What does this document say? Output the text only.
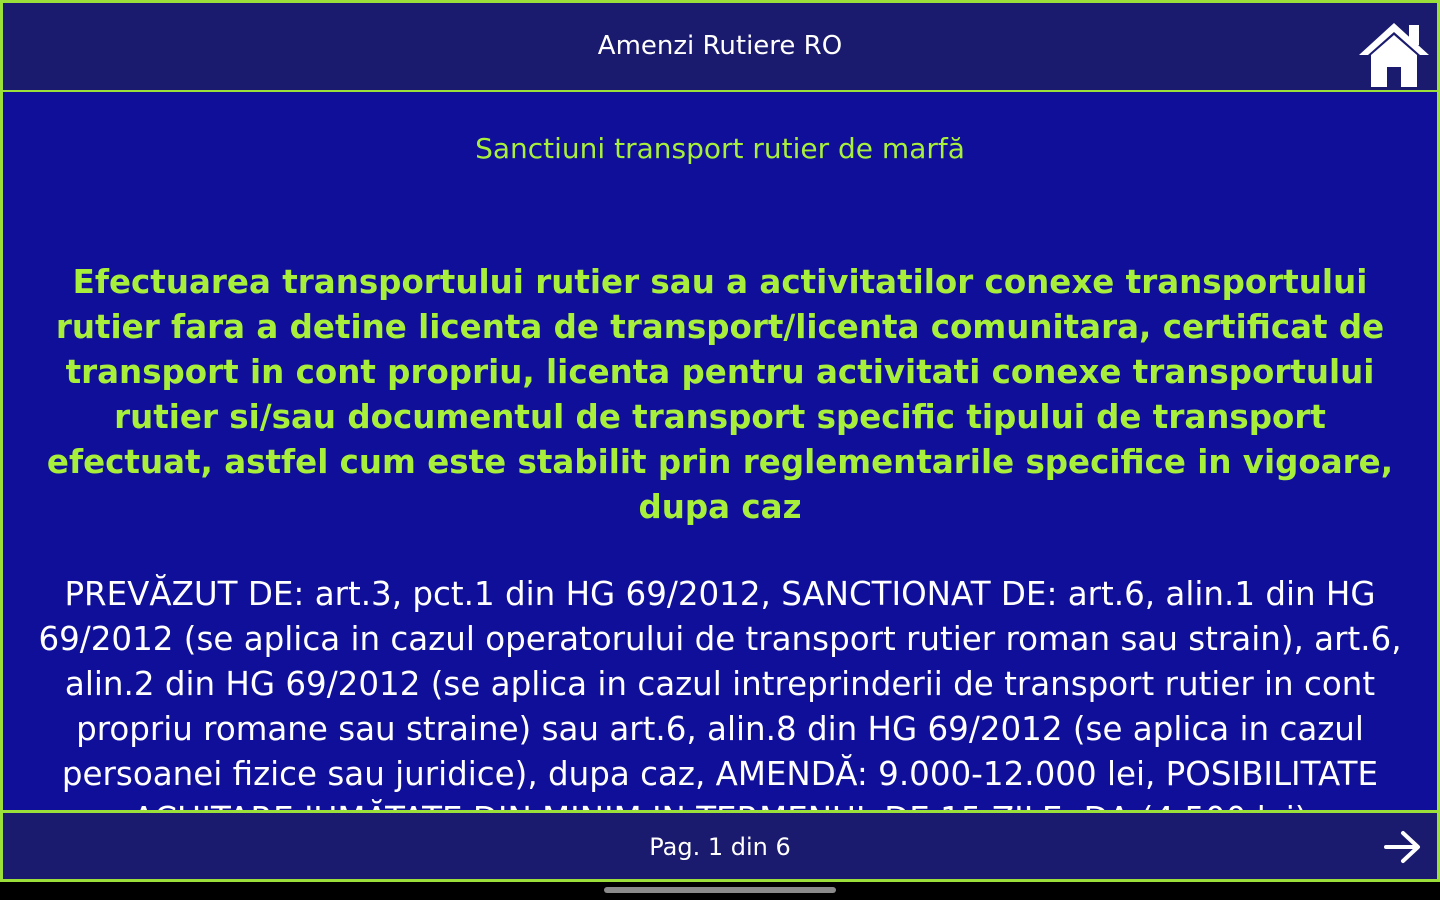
Amenzi Rutiere RO
Sanctiuni transport rutier de marfă
Efectuarea transportului rutier sau a activitatilor conexe transportului rutier fara a detine licenta de transport/licenta comunitara, certificat de transport in cont propriu, licenta pentru activitati conexe transportului rutier si/sau documentul de transport specific tipului de transport efectuat, astfel cum este stabilit prin reglementarile specifice in vigoare, dupa caz
PREVĂZUT DE: art.3, pct.1 din HG 69/2012, SANCTIONAT DE: art.6, alin.1 din HG 69/2012 (se aplica in cazul operatorului de transport rutier roman sau strain), art.6, alin.2 din HG 69/2012 (se aplica in cazul intreprinderii de transport rutier in cont propriu romane sau straine) sau art.6, alin.8 din HG 69/2012 (se aplica in cazul persoanei fizice sau juridice), dupa caz, AMENDĂ: 9.000-12.000 lei, POSIBILITATE
Pag. 1 din 6
